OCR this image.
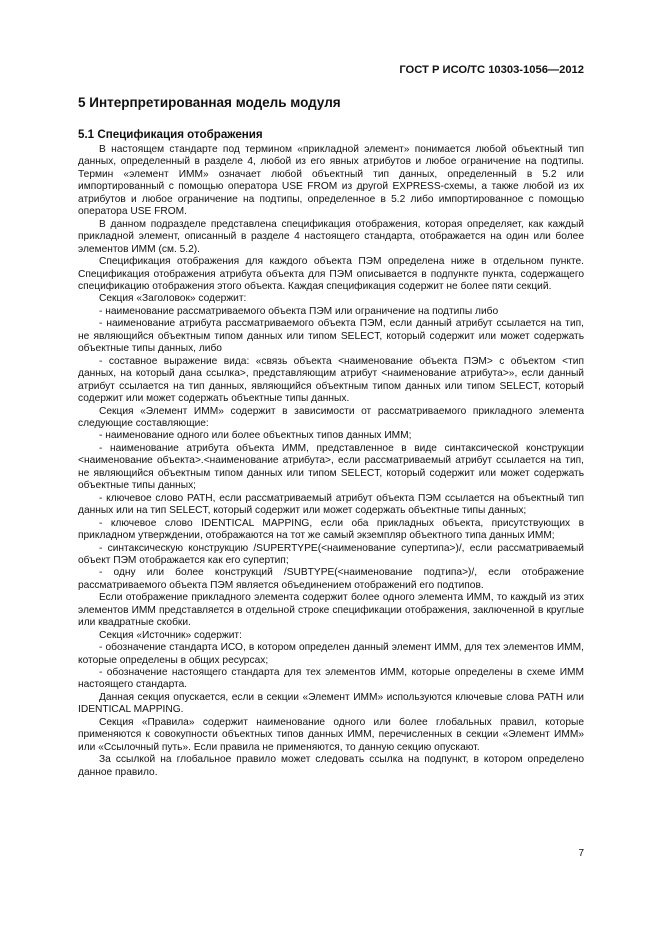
ГОСТ Р ИСО/ТС 10303-1056—2012
5 Интерпретированная модель модуля
5.1 Спецификация отображения

В настоящем стандарте под термином «прикладной элемент» понимается любой объектный тип данных, определенный в разделе 4, любой из его явных атрибутов и любое ограничение на подтипы. Термин «элемент ИММ» означает любой объектный тип данных, определенный в 5.2 или импортированный с помощью оператора USE FROM из другой EXPRESS-схемы, а также любой из их атрибутов и любое ограничение на подтипы, определенное в 5.2 либо импортированное с помощью оператора USE FROM.

В данном подразделе представлена спецификация отображения, которая определяет, как каждый прикладной элемент, описанный в разделе 4 настоящего стандарта, отображается на один или более элементов ИММ (см. 5.2).

Спецификация отображения для каждого объекта ПЭМ определена ниже в отдельном пункте. Спецификация отображения атрибута объекта для ПЭМ описывается в подпункте пункта, содержащего спецификацию отображения этого объекта. Каждая спецификация содержит не более пяти секций.

Секция «Заголовок» содержит:

- наименование рассматриваемого объекта ПЭМ или ограничение на подтипы либо

- наименование атрибута рассматриваемого объекта ПЭМ, если данный атрибут ссылается на тип, не являющийся объектным типом данных или типом SELECT, который содержит или может содержать объектные типы данных, либо

- составное выражение вида: «связь объекта <наименование объекта ПЭМ> с объектом <тип данных, на который дана ссылка>, представляющим атрибут <наименование атрибута>», если данный атрибут ссылается на тип данных, являющийся объектным типом данных или типом SELECT, который содержит или может содержать объектные типы данных.

Секция «Элемент ИММ» содержит в зависимости от рассматриваемого прикладного элемента следующие составляющие:

- наименование одного или более объектных типов данных ИММ;

- наименование атрибута объекта ИММ, представленное в виде синтаксической конструкции <наименование объекта>.<наименование атрибута>, если рассматриваемый атрибут ссылается на тип, не являющийся объектным типом данных или типом SELECT, который содержит или может содержать объектные типы данных;

- ключевое слово PATH, если рассматриваемый атрибут объекта ПЭМ ссылается на объектный тип данных или на тип SELECT, который содержит или может содержать объектные типы данных;

- ключевое слово IDENTICAL MAPPING, если оба прикладных объекта, присутствующих в прикладном утверждении, отображаются на тот же самый экземпляр объектного типа данных ИММ;

- синтаксическую конструкцию /SUPERTYPE(<наименование супертипа>)/, если рассматриваемый объект ПЭМ отображается как его супертип;

- одну или более конструкций /SUBTYPE(<наименование подтипа>)/, если отображение рассматриваемого объекта ПЭМ является объединением отображений его подтипов.

Если отображение прикладного элемента содержит более одного элемента ИММ, то каждый из этих элементов ИММ представляется в отдельной строке спецификации отображения, заключенной в круглые или квадратные скобки.

Секция «Источник» содержит:

- обозначение стандарта ИСО, в котором определен данный элемент ИММ, для тех элементов ИММ, которые определены в общих ресурсах;

- обозначение настоящего стандарта для тех элементов ИММ, которые определены в схеме ИММ настоящего стандарта.

Данная секция опускается, если в секции «Элемент ИММ» используются ключевые слова PATH или IDENTICAL MAPPING.

Секция «Правила» содержит наименование одного или более глобальных правил, которые применяются к совокупности объектных типов данных ИММ, перечисленных в секции «Элемент ИММ» или «Ссылочный путь». Если правила не применяются, то данную секцию опускают.

За ссылкой на глобальное правило может следовать ссылка на подпункт, в котором определено данное правило.

7
